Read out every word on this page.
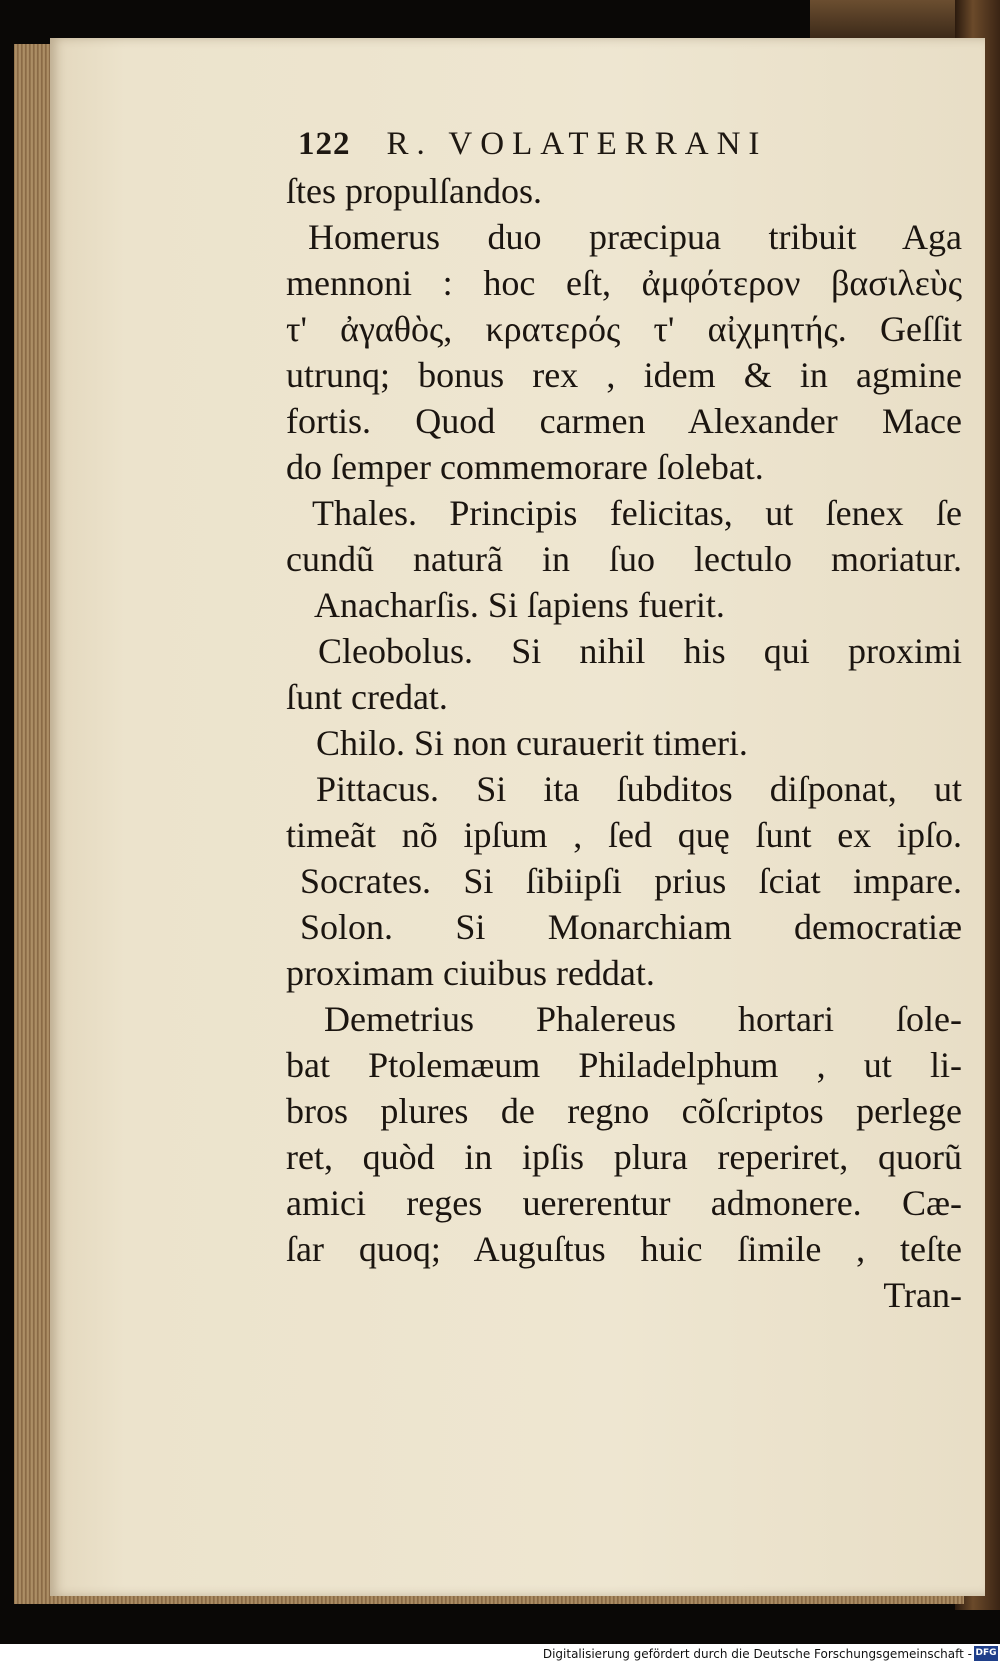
122 R. VOLATERRANI
ſtes propulſandos.
Homerus duo præcipua tribuit Aga
mennoni : hoc eſt, ἀμφότερον βασιλεὺς
τ' ἀγαθὸς, κρατερός τ' αἰχμητής. Geſſit
utrunq; bonus rex , idem & in agmine
fortis. Quod carmen Alexander Mace
do ſemper commemorare ſolebat.
Thales. Principis felicitas, ut ſenex ſe
cundũ naturã in ſuo lectulo moriatur.
Anacharſis. Si ſapiens fuerit.
Cleobolus. Si nihil his qui proximi
ſunt credat.
Chilo. Si non curauerit timeri.
Pittacus. Si ita ſubditos diſponat, ut
timeãt nõ ipſum , ſed quę ſunt ex ipſo.
Socrates. Si ſibiipſi prius ſciat impare.
Solon. Si Monarchiam democratiæ
proximam ciuibus reddat.
Demetrius Phalereus hortari ſole-
bat Ptolemæum Philadelphum , ut li-
bros plures de regno cõſcriptos perlege
ret, quòd in ipſis plura reperiret, quorũ
amici reges uererentur admonere. Cæ-
ſar quoq; Auguſtus huic ſimile , teſte
Tran-
Digitalisierung gefördert durch die Deutsche Forschungsgemeinschaft - DFG
